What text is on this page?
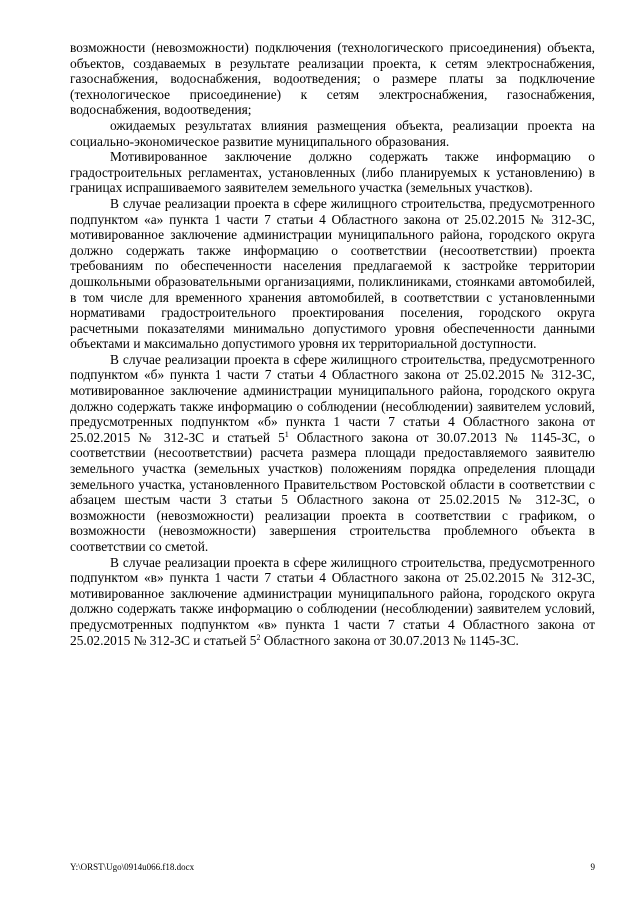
возможности (невозможности) подключения (технологического присоединения) объекта, объектов, создаваемых в результате реализации проекта, к сетям электроснабжения, газоснабжения, водоснабжения, водоотведения; о размере платы за подключение (технологическое присоединение) к сетям электроснабжения, газоснабжения, водоснабжения, водоотведения;

ожидаемых результатах влияния размещения объекта, реализации проекта на социально-экономическое развитие муниципального образования.

Мотивированное заключение должно содержать также информацию о градостроительных регламентах, установленных (либо планируемых к установлению) в границах испрашиваемого заявителем земельного участка (земельных участков).

В случае реализации проекта в сфере жилищного строительства, предусмотренного подпунктом «а» пункта 1 части 7 статьи 4 Областного закона от 25.02.2015 № 312-ЗС, мотивированное заключение администрации муниципального района, городского округа должно содержать также информацию о соответствии (несоответствии) проекта требованиям по обеспеченности населения предлагаемой к застройке территории дошкольными образовательными организациями, поликлиниками, стоянками автомобилей, в том числе для временного хранения автомобилей, в соответствии с установленными нормативами градостроительного проектирования поселения, городского округа расчетными показателями минимально допустимого уровня обеспеченности данными объектами и максимально допустимого уровня их территориальной доступности.

В случае реализации проекта в сфере жилищного строительства, предусмотренного подпунктом «б» пункта 1 части 7 статьи 4 Областного закона от 25.02.2015 № 312-ЗС, мотивированное заключение администрации муниципального района, городского округа должно содержать также информацию о соблюдении (несоблюдении) заявителем условий, предусмотренных подпунктом «б» пункта 1 части 7 статьи 4 Областного закона от 25.02.2015 № 312-ЗС и статьей $5^1$ Областного закона от 30.07.2013 № 1145-ЗС, о соответствии (несоответствии) расчета размера площади предоставляемого заявителю земельного участка (земельных участков) положениям порядка определения площади земельного участка, установленного Правительством Ростовской области в соответствии с абзацем шестым части 3 статьи 5 Областного закона от 25.02.2015 № 312-ЗС, о возможности (невозможности) реализации проекта в соответствии с графиком, о возможности (невозможности) завершения строительства проблемного объекта в соответствии со сметой.

В случае реализации проекта в сфере жилищного строительства, предусмотренного подпунктом «в» пункта 1 части 7 статьи 4 Областного закона от 25.02.2015 № 312-ЗС, мотивированное заключение администрации муниципального района, городского округа должно содержать также информацию о соблюдении (несоблюдении) заявителем условий, предусмотренных подпунктом «в» пункта 1 части 7 статьи 4 Областного закона от 25.02.2015 № 312-ЗС и статьей $5^2$ Областного закона от 30.07.2013 № 1145-ЗС.

Y:\ORST\Ugo\0914u066.f18.docx	9
